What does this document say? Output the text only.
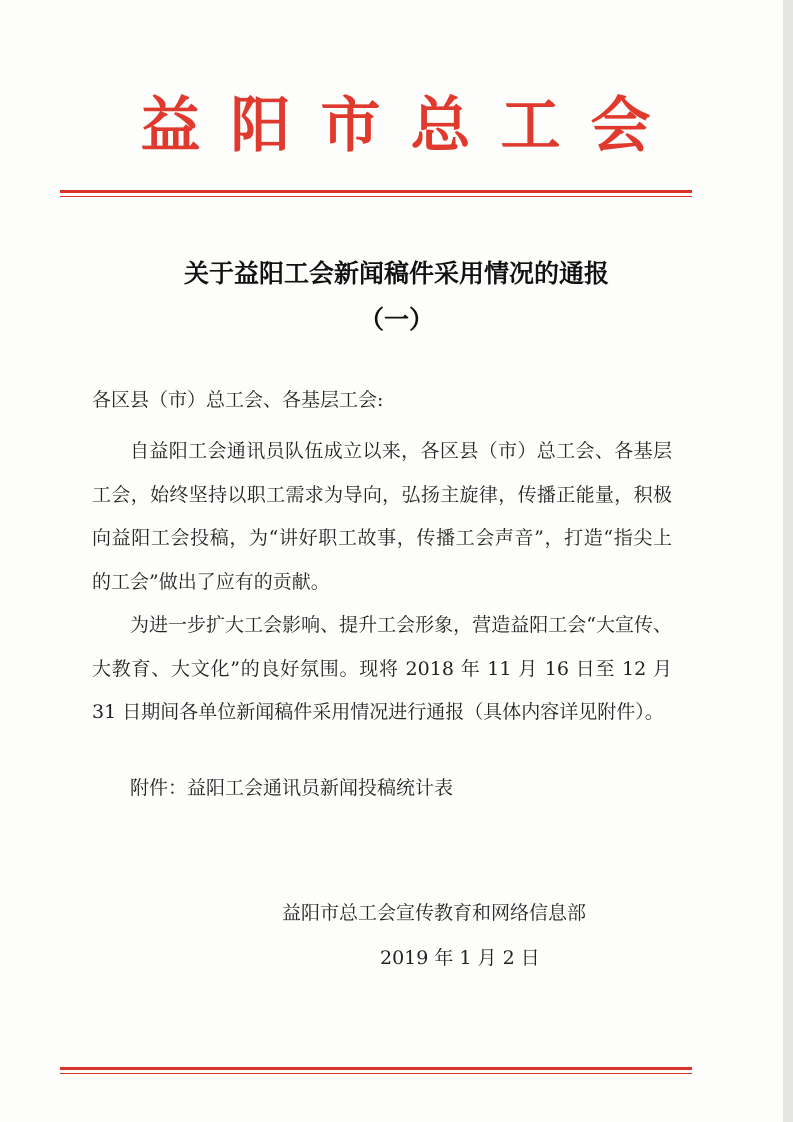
益阳市总工会
关于益阳工会新闻稿件采用情况的通报
（一）
各区县（市）总工会、各基层工会:

自益阳工会通讯员队伍成立以来，各区县（市）总工会、各基层工会，始终坚持以职工需求为导向，弘扬主旋律，传播正能量，积极向益阳工会投稿，为“讲好职工故事，传播工会声音”，打造“指尖上的工会”做出了应有的贡献。

为进一步扩大工会影响、提升工会形象，营造益阳工会“大宣传、大教育、大文化”的良好氛围。现将 2018 年 11 月 16 日至 12 月 31 日期间各单位新闻稿件采用情况进行通报（具体内容详见附件）。

附件：益阳工会通讯员新闻投稿统计表
益阳市总工会宣传教育和网络信息部
2019 年 1 月 2 日
